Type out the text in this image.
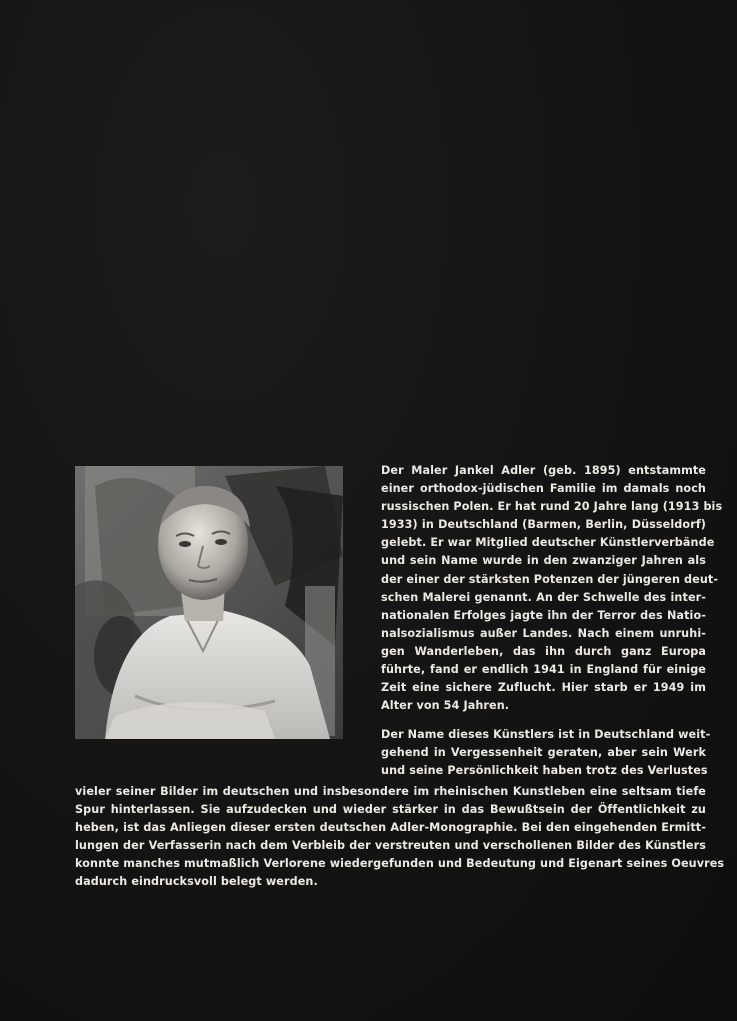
Der Maler Jankel Adler (geb. 1895) entstammte
einer orthodox-jüdischen Familie im damals noch
russischen Polen. Er hat rund 20 Jahre lang (1913 bis
1933) in Deutschland (Barmen, Berlin, Düsseldorf)
gelebt. Er war Mitglied deutscher Künstlerverbände
und sein Name wurde in den zwanziger Jahren als
der einer der stärksten Potenzen der jüngeren deut-
schen Malerei genannt. An der Schwelle des inter-
nationalen Erfolges jagte ihn der Terror des Natio-
nalsozialismus außer Landes. Nach einem unruhi-
gen Wanderleben, das ihn durch ganz Europa
führte, fand er endlich 1941 in England für einige
Zeit eine sichere Zuflucht. Hier starb er 1949 im
Alter von 54 Jahren.
Der Name dieses Künstlers ist in Deutschland weit-
gehend in Vergessenheit geraten, aber sein Werk
und seine Persönlichkeit haben trotz des Verlustes
vieler seiner Bilder im deutschen und insbesondere im rheinischen Kunstleben eine seltsam tiefe
Spur hinterlassen. Sie aufzudecken und wieder stärker in das Bewußtsein der Öffentlichkeit zu
heben, ist das Anliegen dieser ersten deutschen Adler-Monographie. Bei den eingehenden Ermitt-
lungen der Verfasserin nach dem Verbleib der verstreuten und verschollenen Bilder des Künstlers
konnte manches mutmaßlich Verlorene wiedergefunden und Bedeutung und Eigenart seines Oeuvres
dadurch eindrucksvoll belegt werden.
